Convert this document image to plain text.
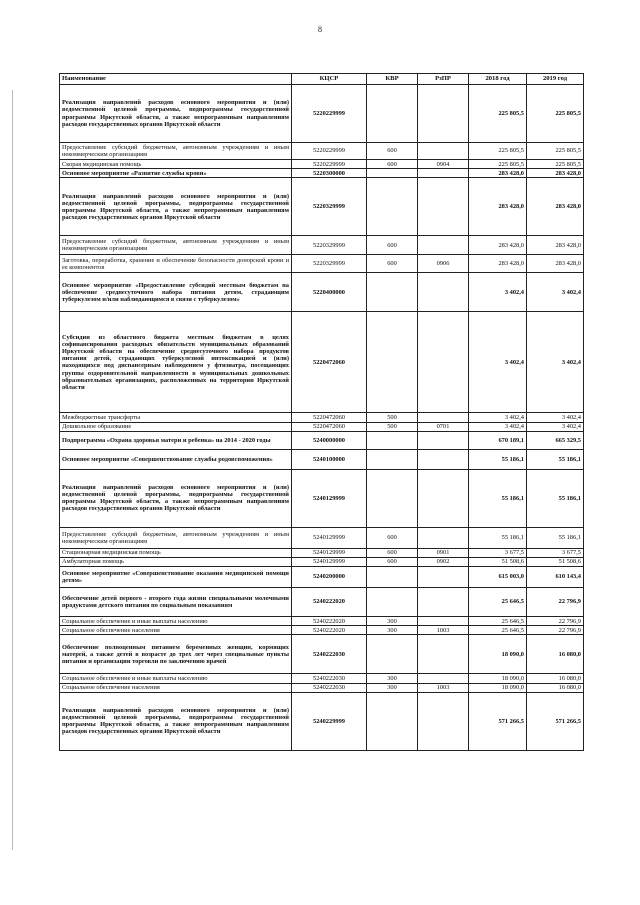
8
Наименование	КЦСР	КВР	РзПР	2018 год	2019 год
Реализация направлений расходов основного мероприятия и (или) ведомственной целевой программы, подпрограммы государственной программы Иркутской области, а также непрограммным направлениям расходов государственных органов Иркутской области	5220229999			225 805,5	225 805,5
Предоставление субсидий бюджетным, автономным учреждениям и иным некоммерческим организациям	5220229999	600		225 805,5	225 805,5
Скорая медицинская помощь	5220229999	600	0904	225 805,5	225 805,5
Основное мероприятие «Развитие службы крови»	5220300000			283 428,0	283 428,0
Реализация направлений расходов основного мероприятия и (или) ведомственной целевой программы, подпрограммы государственной программы Иркутской области, а также непрограммным направлениям расходов государственных органов Иркутской области	5220329999			283 428,0	283 428,0
Предоставление субсидий бюджетным, автономным учреждениям и иным некоммерческим организациям	5220329999	600		283 428,0	283 428,0
Заготовка, переработка, хранение и обеспечение безопасности донорской крови и ее компонентов	5220329999	600	0906	283 428,0	283 428,0
Основное мероприятие «Предоставление субсидий местным бюджетам на обеспечение среднесуточного набора питания детям, страдающим туберкулезом и/или наблюдающимся в связи с туберкулезом»	5220400000			3 402,4	3 402,4
Субсидии из областного бюджета местным бюджетам в целях софинансирования расходных обязательств муниципальных образований Иркутской области на обеспечение среднесуточного набора продуктов питания детей, страдающих туберкулезной интоксикацией и (или) находящихся под диспансерным наблюдением у фтизиатра, посещающих группы оздоровительной направленности в муниципальных дошкольных образовательных организациях, расположенных на территории Иркутской области	5220472060			3 402,4	3 402,4
Межбюджетные трансферты	5220472060	500		3 402,4	3 402,4
Дошкольное образование	5220472060	500	0701	3 402,4	3 402,4
Подпрограмма «Охрана здоровья матери и ребенка» на 2014 - 2020 годы	5240000000			670 189,1	665 329,5
Основное мероприятие «Совершенствование службы родовспоможения»	5240100000			55 186,1	55 186,1
Реализация направлений расходов основного мероприятия и (или) ведомственной целевой программы, подпрограммы государственной программы Иркутской области, а также непрограммным направлениям расходов государственных органов Иркутской области	5240129999			55 186,1	55 186,1
Предоставление субсидий бюджетным, автономным учреждениям и иным некоммерческим организациям	5240129999	600		55 186,1	55 186,1
Стационарная медицинская помощь	5240129999	600	0901	3 677,5	3 677,5
Амбулаторная помощь	5240129999	600	0902	51 508,6	51 508,6
Основное мероприятие «Совершенствование оказания медицинской помощи детям»	5240200000			615 003,0	610 143,4
Обеспечение детей первого - второго года жизни специальными молочными продуктами детского питания по социальным показаниям	5240222020			25 646,5	22 796,9
Социальное обеспечение и иные выплаты населению	5240222020	300		25 646,5	22 796,9
Социальное обеспечение населения	5240222020	300	1003	25 646,5	22 796,9
Обеспечение полноценным питанием беременных женщин, кормящих матерей, а также детей в возрасте до трех лет через специальные пункты питания и организации торговли по заключению врачей	5240222030			18 090,0	16 080,0
Социальное обеспечение и иные выплаты населению	5240222030	300		18 090,0	16 080,0
Социальное обеспечение населения	5240222030	300	1003	18 090,0	16 080,0
Реализация направлений расходов основного мероприятия и (или) ведомственной целевой программы, подпрограммы государственной программы Иркутской области, а также непрограммным направлениям расходов государственных органов Иркутской области	5240229999			571 266,5	571 266,5
